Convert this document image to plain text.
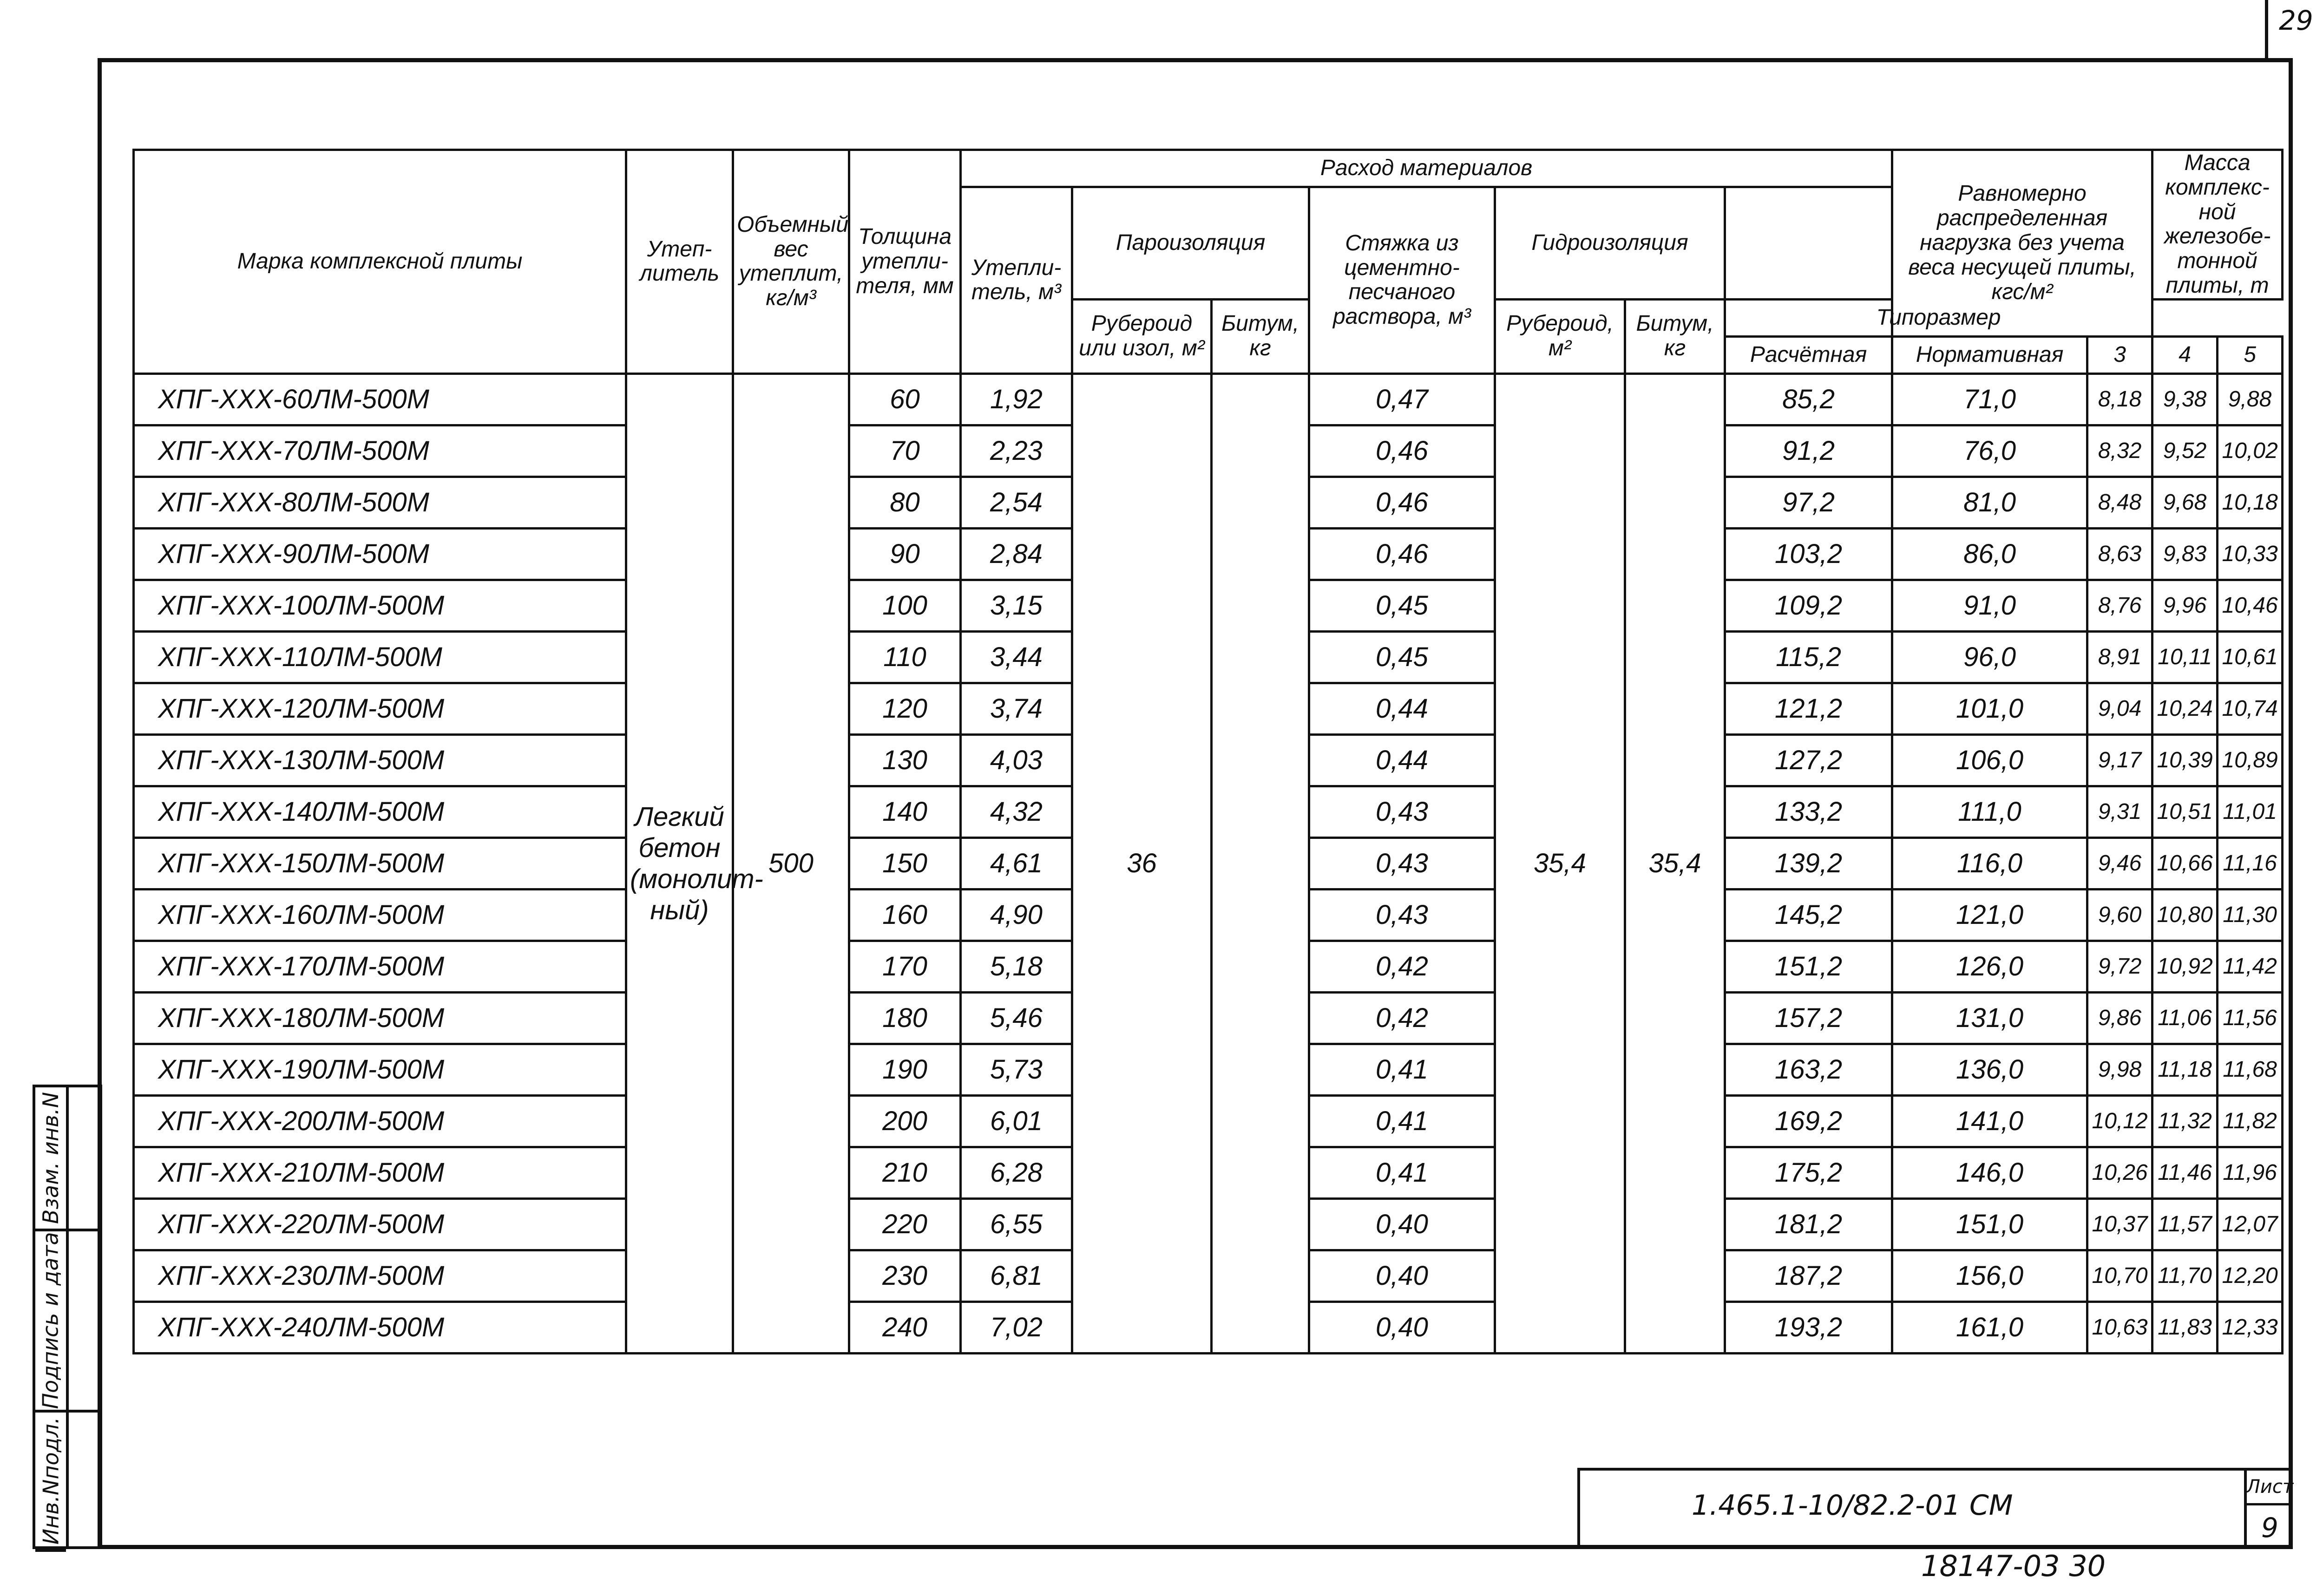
29
Инв.Nподл.
Подпись и дата
Взам. инв.N
Марка комплексной плиты	Утеп- литель	Объемный вес утеплит, кг/м³	Толщина утепли- теля, мм	Расход материалов							Равномерно распределенная нагрузка без учета веса несущей плиты, кгс/м²		Масса комплекс- ной железобе- тонной плиты, т	
				Утепли- тель, м³	Пароизоляция		Стяжка из цементно- песчаного раствора, м³	Гидроизоляция						
					Рубероид или изол, м²	Битум, кг		Рубероид, м²	Битум, кг	Типоразмер				
										Расчётная	Нормативная	3	4	5
ХПГ-ХХХ-60ЛМ-500М	Легкий бетон (монолит- ный)	500	60	1,92	36		0,47	35,4	35,4	85,2	71,0	8,18	9,38	9,88
ХПГ-ХХХ-70ЛМ-500М			70	2,23			0,46			91,2	76,0	8,32	9,52	10,02
ХПГ-ХХХ-80ЛМ-500М			80	2,54			0,46			97,2	81,0	8,48	9,68	10,18
ХПГ-ХХХ-90ЛМ-500М			90	2,84			0,46			103,2	86,0	8,63	9,83	10,33
ХПГ-ХХХ-100ЛМ-500М			100	3,15			0,45			109,2	91,0	8,76	9,96	10,46
ХПГ-ХХХ-110ЛМ-500М			110	3,44			0,45			115,2	96,0	8,91	10,11	10,61
ХПГ-ХХХ-120ЛМ-500М			120	3,74			0,44			121,2	101,0	9,04	10,24	10,74
ХПГ-ХХХ-130ЛМ-500М			130	4,03			0,44			127,2	106,0	9,17	10,39	10,89
ХПГ-ХХХ-140ЛМ-500М			140	4,32			0,43			133,2	111,0	9,31	10,51	11,01
ХПГ-ХХХ-150ЛМ-500М			150	4,61			0,43			139,2	116,0	9,46	10,66	11,16
ХПГ-ХХХ-160ЛМ-500М			160	4,90			0,43			145,2	121,0	9,60	10,80	11,30
ХПГ-ХХХ-170ЛМ-500М			170	5,18			0,42			151,2	126,0	9,72	10,92	11,42
ХПГ-ХХХ-180ЛМ-500М			180	5,46			0,42			157,2	131,0	9,86	11,06	11,56
ХПГ-ХХХ-190ЛМ-500М			190	5,73			0,41			163,2	136,0	9,98	11,18	11,68
ХПГ-ХХХ-200ЛМ-500М			200	6,01			0,41			169,2	141,0	10,12	11,32	11,82
ХПГ-ХХХ-210ЛМ-500М			210	6,28			0,41			175,2	146,0	10,26	11,46	11,96
ХПГ-ХХХ-220ЛМ-500М			220	6,55			0,40			181,2	151,0	10,37	11,57	12,07
ХПГ-ХХХ-230ЛМ-500М			230	6,81			0,40			187,2	156,0	10,70	11,70	12,20
ХПГ-ХХХ-240ЛМ-500М			240	7,02			0,40			193,2	161,0	10,63	11,83	12,33
1.465.1-10/82.2-01 СМ
Лист
9
18147-03 30
